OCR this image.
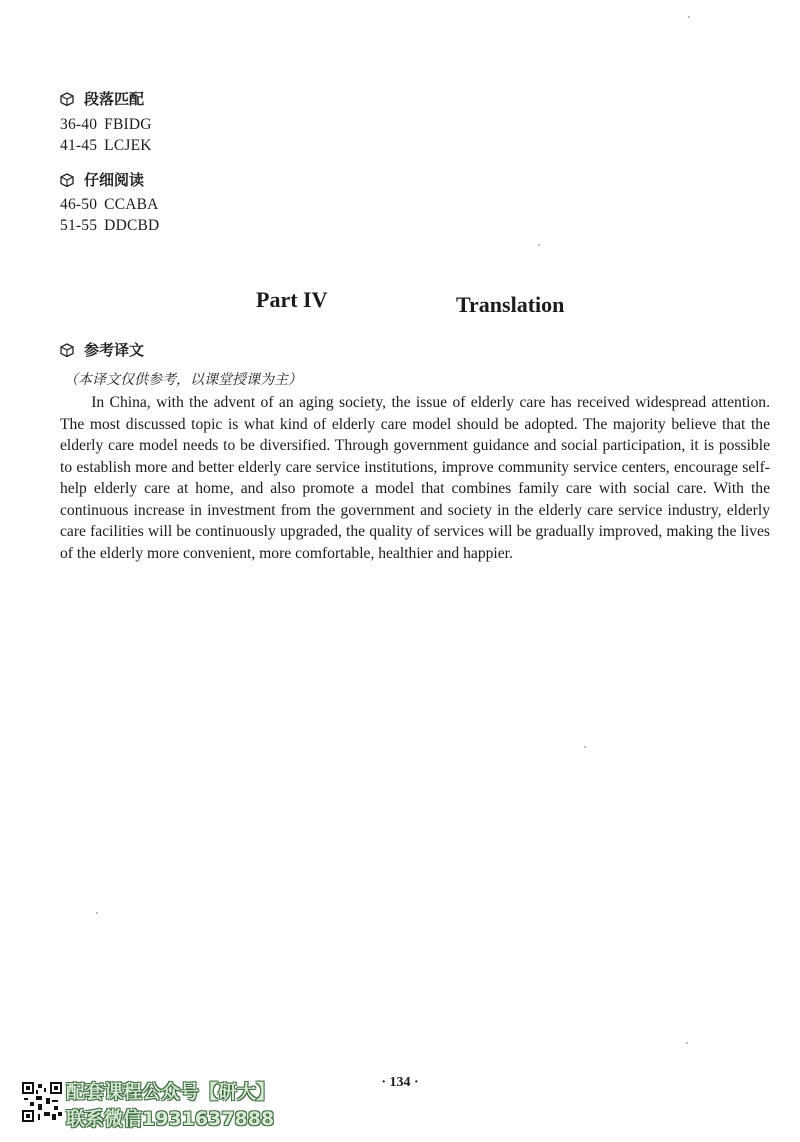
段落匹配
36-40 FBIDG
41-45 LCJEK
仔细阅读
46-50 CCABA
51-55 DDCBD
Part IV	Translation
参考译文
（本译文仅供参考，以课堂授课为主）

In China, with the advent of an aging society, the issue of elderly care has received widespread attention. The most discussed topic is what kind of elderly care model should be adopted. The majority believe that the elderly care model needs to be diversified. Through government guidance and social participation, it is possible to establish more and better elderly care service institutions, improve community service centers, encourage self-help elderly care at home, and also promote a model that combines family care with social care. With the continuous increase in investment from the government and society in the elderly care service industry, elderly care facilities will be continuously upgraded, the quality of services will be gradually improved, making the lives of the elderly more convenient, more comfortable, healthier and happier.

· 134 ·
配套课程公众号【研大】
联系微信1931637888
